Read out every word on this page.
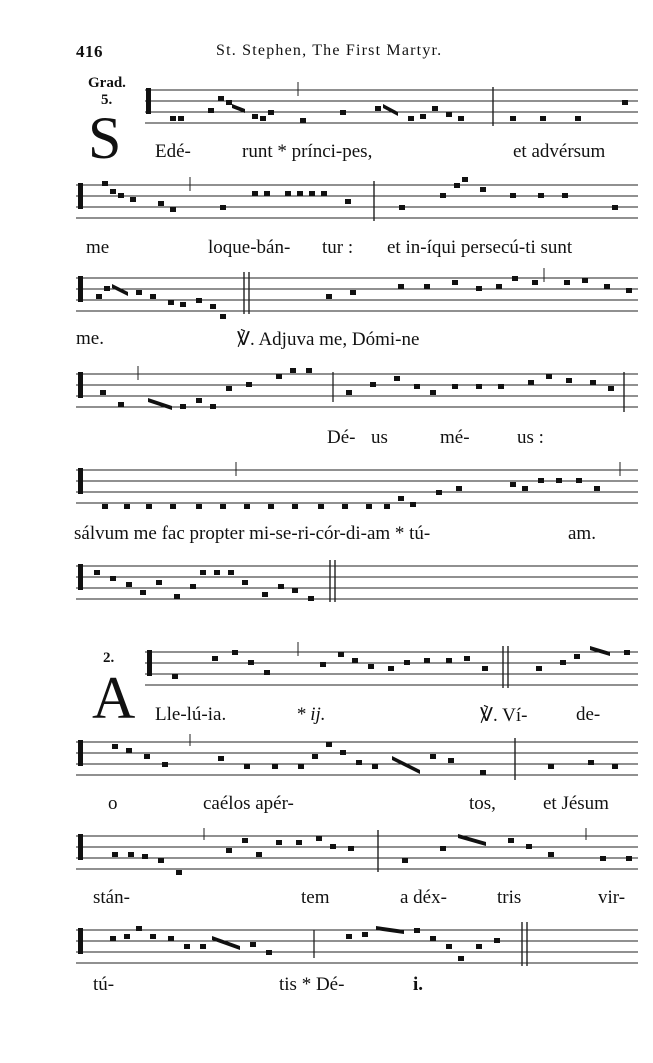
416	St. Stephen, The First Martyr.
Grad.
5.
S Edé-	runt * prínci-pes,	et advérsum
me	loque-bán- tur : et in-íqui persecú-ti sunt
me.	℣. Adjuva me, Dómi-ne
Dé- us	mé- us :
sálvum me fac propter mi-se-ri-cór-di-am * tú-	am.
2.
A Lle-lú-ia.	* ij.	℣. Ví-	de-
o	caélos apér-	tos, et Jésum
stán-	tem	a déx-	tris	vir-
tú-	tis * Dé-	i.
